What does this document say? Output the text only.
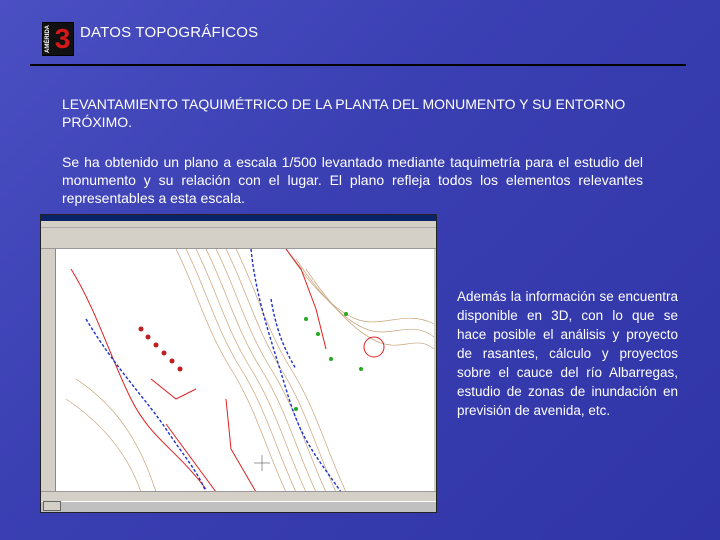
AMÉRIDA 3 DATOS TOPOGRÁFICOS
LEVANTAMIENTO TAQUIMÉTRICO DE LA PLANTA DEL MONUMENTO Y SU ENTORNO PRÓXIMO.
Se ha obtenido un plano a escala 1/500 levantado mediante taquimetría para el estudio del monumento y su relación con el lugar. El plano refleja todos los elementos relevantes representables a esta escala.
Además la información se encuentra disponible en 3D, con lo que se hace posible el análisis y proyecto de rasantes, cálculo y proyectos sobre el cauce del río Albarregas, estudio de zonas de inundación en previsión de avenida, etc.
